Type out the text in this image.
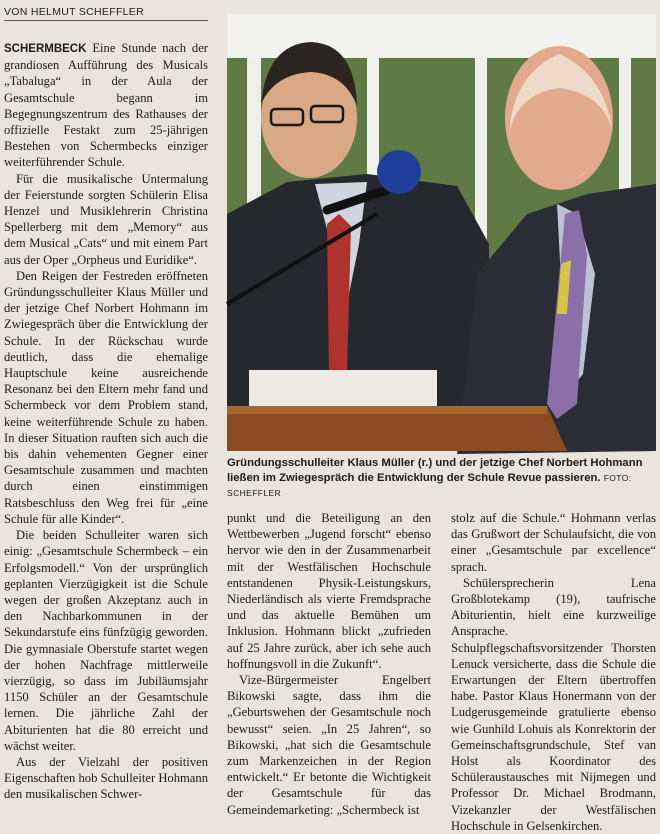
VON HELMUT SCHEFFLER

SCHERMBECK Eine Stunde nach der grandiosen Aufführung des Musicals „Tabaluga“ in der Aula der Gesamtschule begann im Begegnungszentrum des Rathauses der offizielle Festakt zum 25-jährigen Bestehen von Schermbecks einziger weiterführender Schule.

Für die musikalische Untermalung der Feierstunde sorgten Schülerin Elisa Henzel und Musiklehrerin Christina Spellerberg mit dem „Memory“ aus dem Musical „Cats“ und mit einem Part aus der Oper „Orpheus und Euridike“.

Den Reigen der Festreden eröffneten Gründungsschulleiter Klaus Müller und der jetzige Chef Norbert Hohmann im Zwiegespräch über die Entwicklung der Schule. In der Rückschau wurde deutlich, dass die ehemalige Hauptschule keine ausreichende Resonanz bei den Eltern mehr fand und Schermbeck vor dem Problem stand, keine weiterführende Schule zu haben. In dieser Situation rauften sich auch die bis dahin vehementen Gegner einer Gesamtschule zusammen und machten durch einen einstimmigen Ratsbeschluss den Weg frei für „eine Schule für alle Kinder“.

Die beiden Schulleiter waren sich einig: „Gesamtschule Schermbeck – ein Erfolgsmodell.“ Von der ursprünglich geplanten Vierzügigkeit ist die Schule wegen der großen Akzeptanz auch in den Nachbarkommunen in der Sekundarstufe eins fünfzügig geworden. Die gymnasiale Oberstufe startet wegen der hohen Nachfrage mittlerweile vierzügig, so dass im Jubiläumsjahr 1150 Schüler an der Gesamtschule lernen. Die jährliche Zahl der Abiturienten hat die 80 erreicht und wächst weiter.

Aus der Vielzahl der positiven Eigenschaften hob Schulleiter Hohmann den musikalischen Schwer-

Gründungsschulleiter Klaus Müller (r.) und der jetzige Chef Norbert Hohmann ließen im Zwiegespräch die Entwicklung der Schule Revue passieren. FOTO: SCHEFFLER

punkt und die Beteiligung an den Wettbewerben „Jugend forscht“ ebenso hervor wie den in der Zusammenarbeit mit der Westfälischen Hochschule entstandenen Physik-Leistungskurs, Niederländisch als vierte Fremdsprache und das aktuelle Bemühen um Inklusion. Hohmann blickt „zufrieden auf 25 Jahre zurück, aber ich sehe auch hoffnungsvoll in die Zukunft“.

Vize-Bürgermeister Engelbert Bikowski sagte, dass ihm die „Geburtswehen der Gesamtschule noch bewusst“ seien. „In 25 Jahren“, so Bikowski, „hat sich die Gesamtschule zum Markenzeichen in der Region entwickelt.“ Er betonte die Wichtigkeit der Gesamtschule für das Gemeindemarketing: „Schermbeck ist

stolz auf die Schule.“ Hohmann verlas das Grußwort der Schulaufsicht, die von einer „Gesamtschule par excellence“ sprach.

Schülersprecherin Lena Großblotekamp (19), taufrische Abiturientin, hielt eine kurzweilige Ansprache. Schulpflegschaftsvorsitzender Thorsten Lenuck versicherte, dass die Schule die Erwartungen der Eltern übertroffen habe. Pastor Klaus Honermann von der Ludgerusgemeinde gratulierte ebenso wie Gunhild Lohuis als Konrektorin der Gemeinschaftsgrundschule, Stef van Holst als Koordinator des Schüleraustausches mit Nijmegen und Professor Dr. Michael Brodmann, Vizekanzler der Westfälischen Hochschule in Gelsenkirchen.
